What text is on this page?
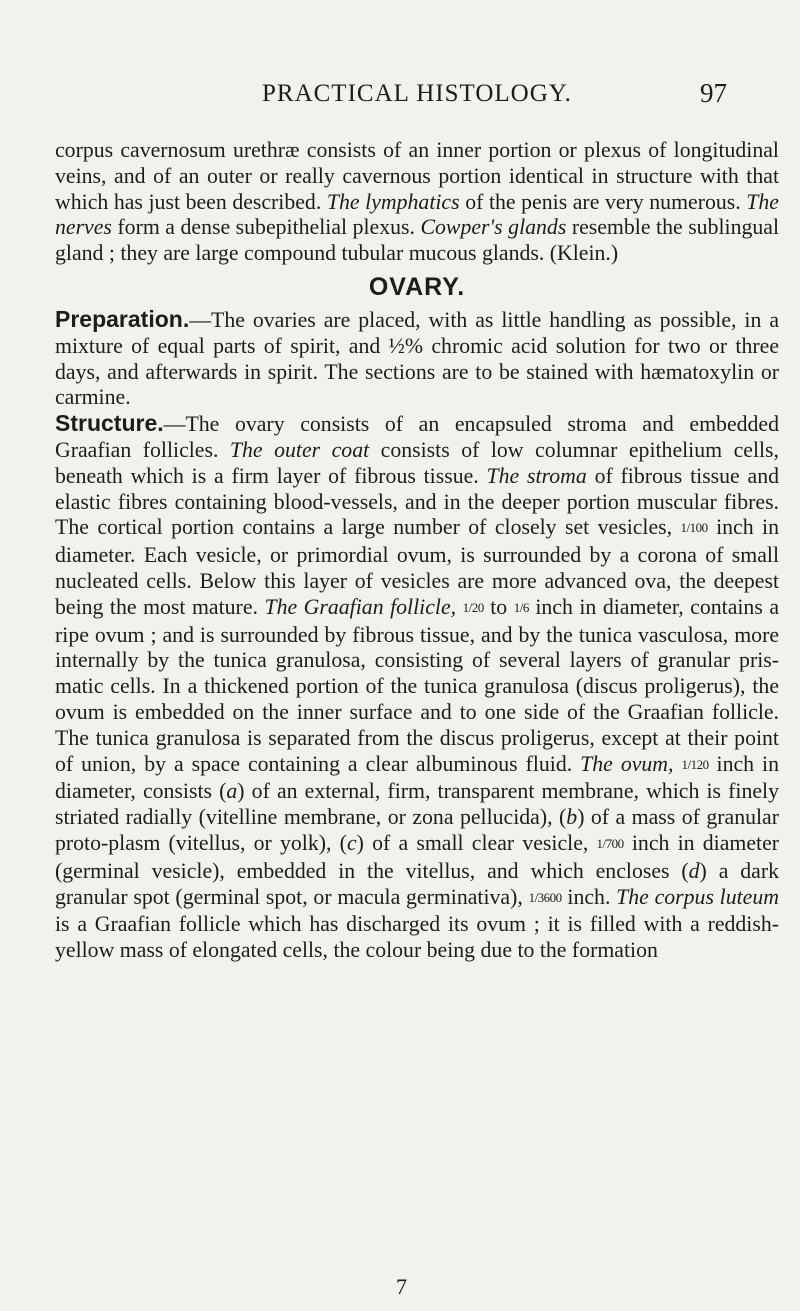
PRACTICAL HISTOLOGY.	97

corpus cavernosum urethræ consists of an inner portion or plexus of longitudinal veins, and of an outer or really cavernous portion identical in structure with that which has just been described. The lymphatics of the penis are very numerous. The nerves form a dense subepithelial plexus. Cowper's glands resemble the sublingual gland ; they are large compound tubular mucous glands. (Klein.)

OVARY.

Preparation.—The ovaries are placed, with as little handling as possible, in a mixture of equal parts of spirit, and ½% chromic acid solution for two or three days, and afterwards in spirit. The sections are to be stained with hæmatoxylin or carmine.

Structure.—The ovary consists of an encapsuled stroma and embedded Graafian follicles. The outer coat consists of low columnar epithelium cells, beneath which is a firm layer of fibrous tissue. The stroma of fibrous tissue and elastic fibres containing blood-vessels, and in the deeper portion muscular fibres. The cortical portion contains a large number of closely set vesicles, 1/100 inch in diameter. Each vesicle, or primordial ovum, is surrounded by a corona of small nucleated cells. Below this layer of vesicles are more advanced ova, the deepest being the most mature. The Graafian follicle, 1/20 to 1/6 inch in diameter, contains a ripe ovum ; and is surrounded by fibrous tissue, and by the tunica vasculosa, more internally by the tunica granulosa, consisting of several layers of granular pris-matic cells. In a thickened portion of the tunica granulosa (discus proligerus), the ovum is embedded on the inner surface and to one side of the Graafian follicle. The tunica granulosa is separated from the discus proligerus, except at their point of union, by a space containing a clear albuminous fluid. The ovum, 1/120 inch in diameter, consists (a) of an external, firm, transparent membrane, which is finely striated radially (vitelline membrane, or zona pellucida), (b) of a mass of granular proto-plasm (vitellus, or yolk), (c) of a small clear vesicle, 1/700 inch in diameter (germinal vesicle), embedded in the vitellus, and which encloses (d) a dark granular spot (germinal spot, or macula germinativa), 1/3600 inch. The corpus luteum is a Graafian follicle which has discharged its ovum ; it is filled with a reddish-yellow mass of elongated cells, the colour being due to the formation

7
